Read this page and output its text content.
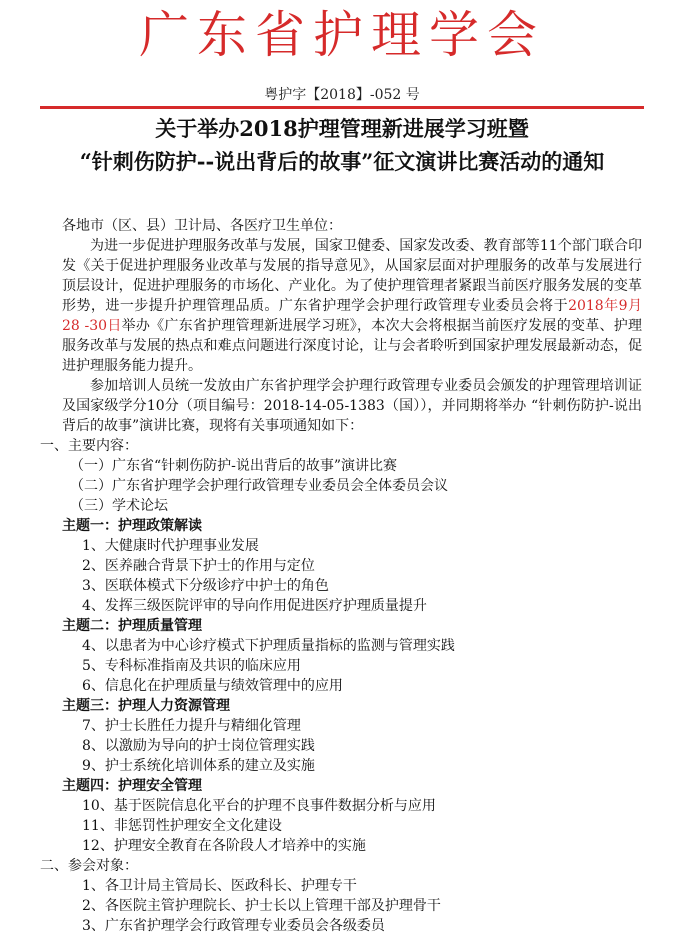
广东省护理学会
粤护字【2018】-052 号
关于举办2018护理管理新进展学习班暨
“针刺伤防护--说出背后的故事”征文演讲比赛活动的通知

各地市（区、县）卫计局、各医疗卫生单位：

为进一步促进护理服务改革与发展，国家卫健委、国家发改委、教育部等11个部门联合印发《关于促进护理服务业改革与发展的指导意见》，从国家层面对护理服务的改革与发展进行顶层设计，促进护理服务的市场化、产业化。为了使护理管理者紧跟当前医疗服务发展的变革形势，进一步提升护理管理品质。广东省护理学会护理行政管理专业委员会将于2018年9月28 -30日举办《广东省护理管理新进展学习班》，本次大会将根据当前医疗发展的变革、护理服务改革与发展的热点和难点问题进行深度讨论，让与会者聆听到国家护理发展最新动态，促进护理服务能力提升。

参加培训人员统一发放由广东省护理学会护理行政管理专业委员会颁发的护理管理培训证及国家级学分10分（项目编号：2018-14-05-1383（国）），并同期将举办 “针刺伤防护-说出背后的故事”演讲比赛，现将有关事项通知如下：

一、主要内容：

（一）广东省“针刺伤防护-说出背后的故事”演讲比赛

（二）广东省护理学会护理行政管理专业委员会全体委员会议

（三）学术论坛

主题一：护理政策解读

1、大健康时代护理事业发展

2、医养融合背景下护士的作用与定位

3、医联体模式下分级诊疗中护士的角色

4、发挥三级医院评审的导向作用促进医疗护理质量提升

主题二：护理质量管理

4、以患者为中心诊疗模式下护理质量指标的监测与管理实践

5、专科标准指南及共识的临床应用

6、信息化在护理质量与绩效管理中的应用

主题三：护理人力资源管理

7、护士长胜任力提升与精细化管理

8、以激励为导向的护士岗位管理实践

9、护士系统化培训体系的建立及实施

主题四：护理安全管理

10、基于医院信息化平台的护理不良事件数据分析与应用

11、非惩罚性护理安全文化建设

12、护理安全教育在各阶段人才培养中的实施

二、参会对象：

1、各卫计局主管局长、医政科长、护理专干

2、各医院主管护理院长、护士长以上管理干部及护理骨干

3、广东省护理学会行政管理专业委员会各级委员
